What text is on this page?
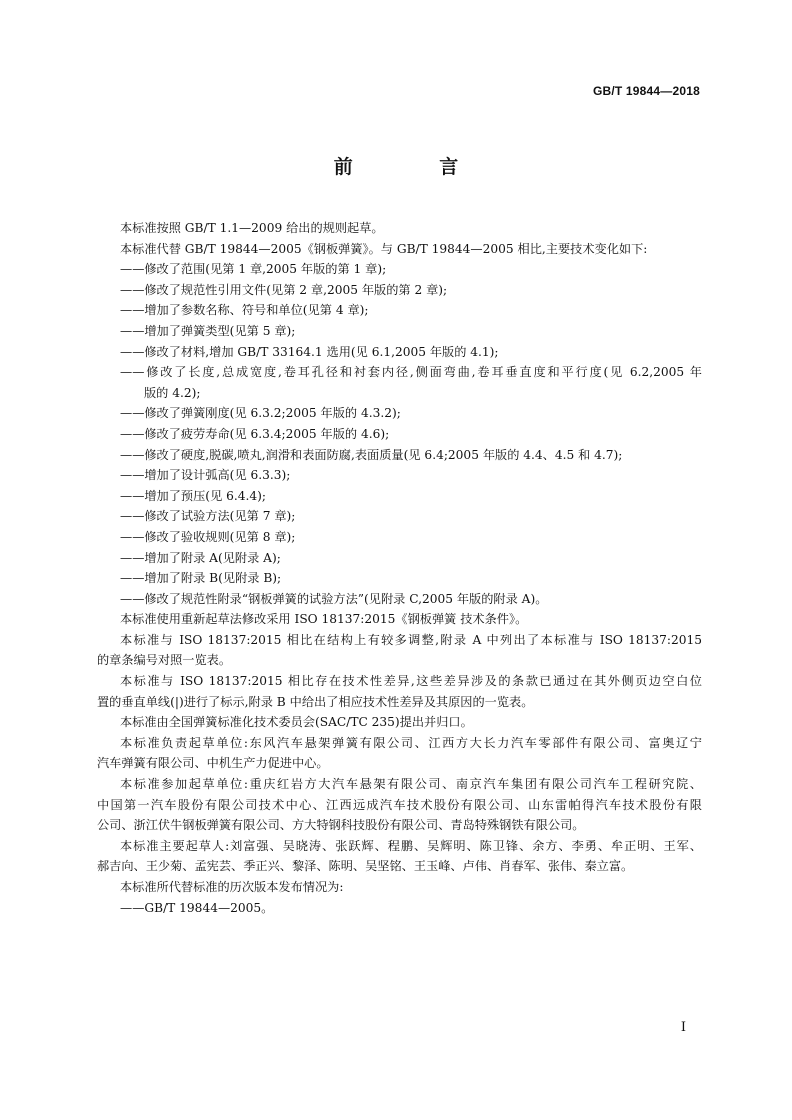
GB/T 19844—2018
前 言
本标准按照 GB/T 1.1—2009 给出的规则起草。
本标准代替 GB/T 19844—2005《钢板弹簧》。与 GB/T 19844—2005 相比,主要技术变化如下:
——修改了范围(见第 1 章,2005 年版的第 1 章);
——修改了规范性引用文件(见第 2 章,2005 年版的第 2 章);
——增加了参数名称、符号和单位(见第 4 章);
——增加了弹簧类型(见第 5 章);
——修改了材料,增加 GB/T 33164.1 选用(见 6.1,2005 年版的 4.1);
——修改了长度,总成宽度,卷耳孔径和衬套内径,侧面弯曲,卷耳垂直度和平行度(见 6.2,2005 年
版的 4.2);
——修改了弹簧刚度(见 6.3.2;2005 年版的 4.3.2);
——修改了疲劳寿命(见 6.3.4;2005 年版的 4.6);
——修改了硬度,脱碳,喷丸,润滑和表面防腐,表面质量(见 6.4;2005 年版的 4.4、4.5 和 4.7);
——增加了设计弧高(见 6.3.3);
——增加了预压(见 6.4.4);
——修改了试验方法(见第 7 章);
——修改了验收规则(见第 8 章);
——增加了附录 A(见附录 A);
——增加了附录 B(见附录 B);
——修改了规范性附录“钢板弹簧的试验方法”(见附录 C,2005 年版的附录 A)。
本标准使用重新起草法修改采用 ISO 18137:2015《钢板弹簧 技术条件》。
本标准与 ISO 18137:2015 相比在结构上有较多调整,附录 A 中列出了本标准与 ISO 18137:2015
的章条编号对照一览表。
本标准与 ISO 18137:2015 相比存在技术性差异,这些差异涉及的条款已通过在其外侧页边空白位
置的垂直单线(|)进行了标示,附录 B 中给出了相应技术性差异及其原因的一览表。
本标准由全国弹簧标准化技术委员会(SAC/TC 235)提出并归口。
本标准负责起草单位:东风汽车悬架弹簧有限公司、江西方大长力汽车零部件有限公司、富奥辽宁
汽车弹簧有限公司、中机生产力促进中心。
本标准参加起草单位:重庆红岩方大汽车悬架有限公司、南京汽车集团有限公司汽车工程研究院、
中国第一汽车股份有限公司技术中心、江西远成汽车技术股份有限公司、山东雷帕得汽车技术股份有限
公司、浙江伏牛钢板弹簧有限公司、方大特钢科技股份有限公司、青岛特殊钢铁有限公司。
本标准主要起草人:刘富强、吴晓涛、张跃辉、程鹏、吴辉明、陈卫锋、余方、李勇、牟正明、王军、
郝吉向、王少菊、孟宪芸、季正兴、黎泽、陈明、吴坚铭、王玉峰、卢伟、肖春军、张伟、秦立富。
本标准所代替标准的历次版本发布情况为:
——GB/T 19844—2005。
I
